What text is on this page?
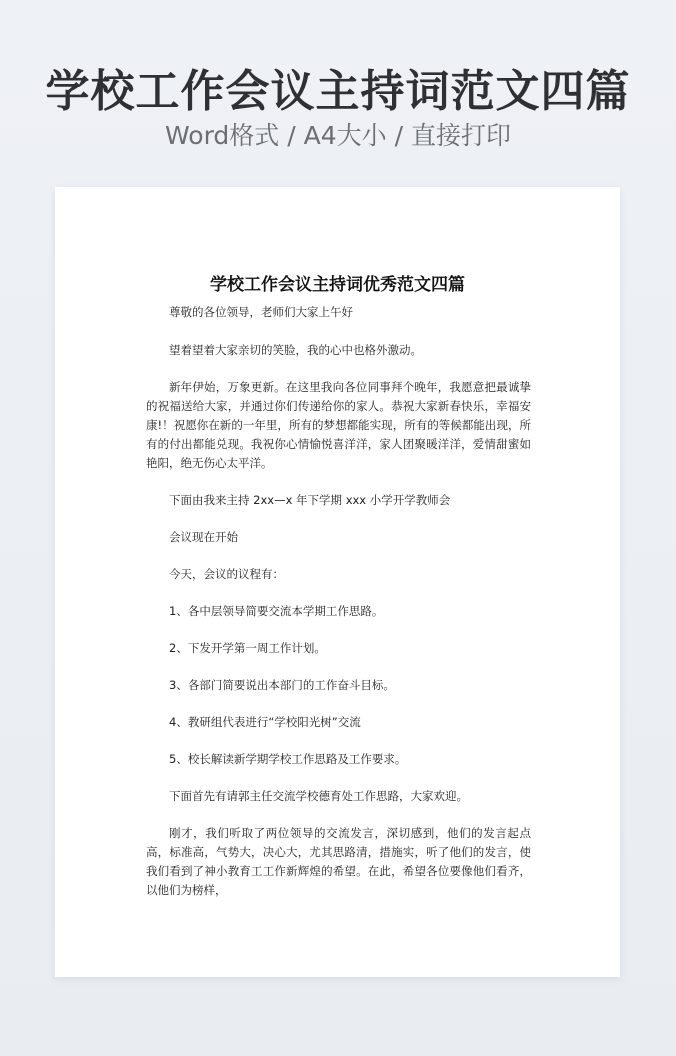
学校工作会议主持词范文四篇
Word格式 / A4大小 / 直接打印
学校工作会议主持词优秀范文四篇

尊敬的各位领导，老师们大家上午好

望着望着大家亲切的笑脸，我的心中也格外激动。

新年伊始，万象更新。在这里我向各位同事拜个晚年，我愿意把最诚挚的祝福送给大家，并通过你们传递给你的家人。恭祝大家新春快乐，幸福安康!！祝愿你在新的一年里，所有的梦想都能实现，所有的等候都能出现，所有的付出都能兑现。我祝你心情愉悦喜洋洋，家人团聚暖洋洋，爱情甜蜜如艳阳，绝无伤心太平洋。

下面由我来主持 2xx—x 年下学期 xxx 小学开学教师会

会议现在开始

今天，会议的议程有：

1、各中层领导简要交流本学期工作思路。

2、下发开学第一周工作计划。

3、各部门简要说出本部门的工作奋斗目标。

4、教研组代表进行“学校阳光树”交流

5、校长解读新学期学校工作思路及工作要求。

下面首先有请郭主任交流学校德育处工作思路，大家欢迎。

刚才，我们听取了两位领导的交流发言，深切感到，他们的发言起点高，标准高，气势大，决心大，尤其思路清，措施实，听了他们的发言，使我们看到了神小教育工工作新辉煌的希望。在此，希望各位要像他们看齐，以他们为榜样，
